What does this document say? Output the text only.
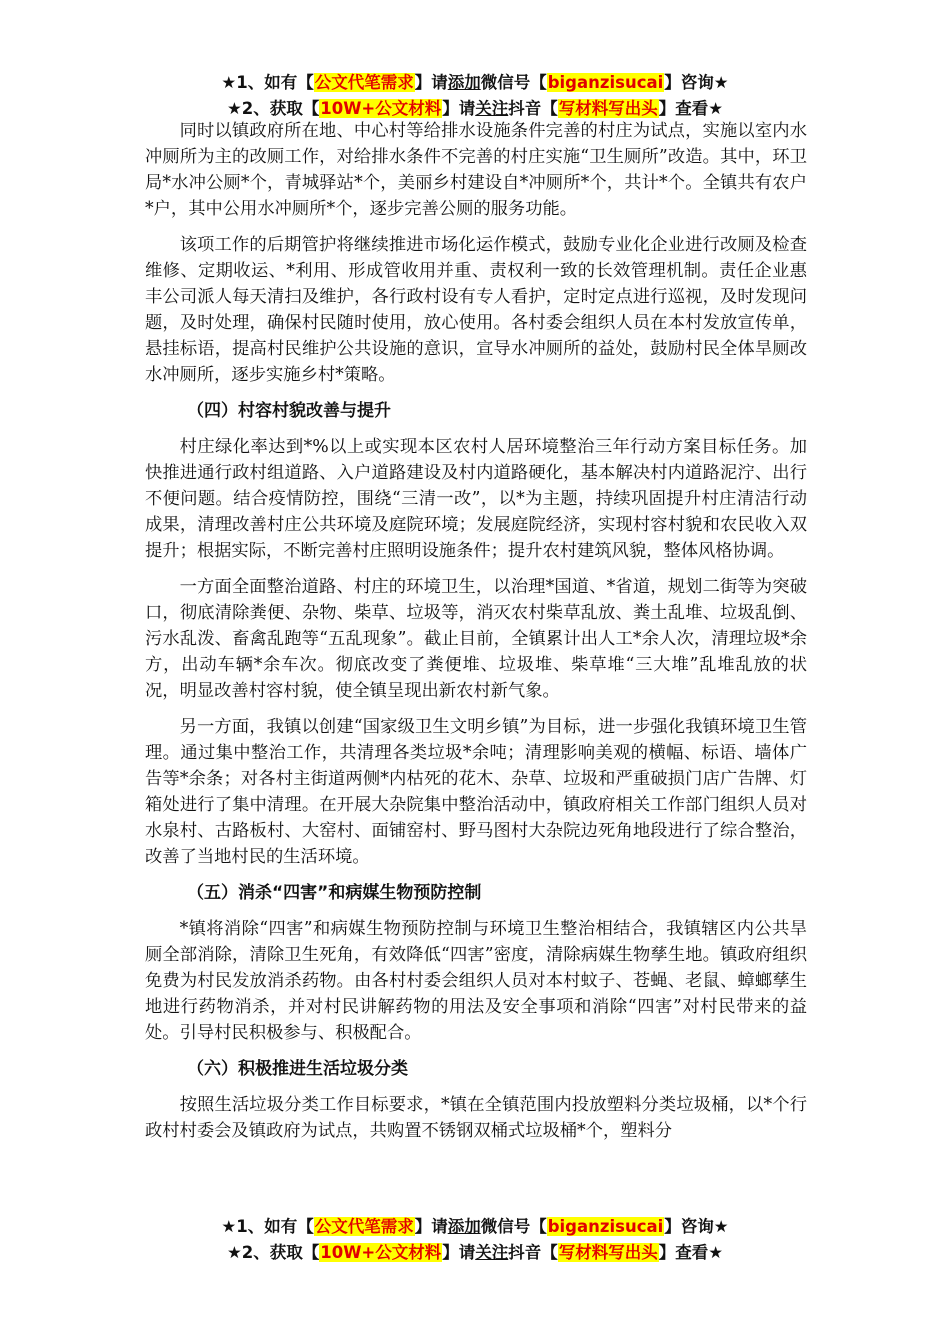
★1、如有【公文代笔需求】请添加微信号【biganzisucai】咨询★
★2、获取【10W+公文材料】请关注抖音【写材料写出头】查看★

同时以镇政府所在地、中心村等给排水设施条件完善的村庄为试点，实施以室内水冲厕所为主的改厕工作，对给排水条件不完善的村庄实施“卫生厕所”改造。其中，环卫局*水冲公厕*个，青城驿站*个，美丽乡村建设自*冲厕所*个，共计*个。全镇共有农户*户，其中公用水冲厕所*个，逐步完善公厕的服务功能。

该项工作的后期管护将继续推进市场化运作模式，鼓励专业化企业进行改厕及检查维修、定期收运、*利用、形成管收用并重、责权利一致的长效管理机制。责任企业惠丰公司派人每天清扫及维护，各行政村设有专人看护，定时定点进行巡视，及时发现问题，及时处理，确保村民随时使用，放心使用。各村委会组织人员在本村发放宣传单，悬挂标语，提高村民维护公共设施的意识，宣导水冲厕所的益处，鼓励村民全体旱厕改水冲厕所，逐步实施乡村*策略。

（四）村容村貌改善与提升

村庄绿化率达到*%以上或实现本区农村人居环境整治三年行动方案目标任务。加快推进通行政村组道路、入户道路建设及村内道路硬化，基本解决村内道路泥泞、出行不便问题。结合疫情防控，围绕“三清一改”，以*为主题，持续巩固提升村庄清洁行动成果，清理改善村庄公共环境及庭院环境；发展庭院经济，实现村容村貌和农民收入双提升；根据实际，不断完善村庄照明设施条件；提升农村建筑风貌，整体风格协调。

一方面全面整治道路、村庄的环境卫生，以治理*国道、*省道，规划二街等为突破口，彻底清除粪便、杂物、柴草、垃圾等，消灭农村柴草乱放、粪土乱堆、垃圾乱倒、污水乱泼、畜禽乱跑等“五乱现象”。截止目前，全镇累计出人工*余人次，清理垃圾*余方，出动车辆*余车次。彻底改变了粪便堆、垃圾堆、柴草堆“三大堆”乱堆乱放的状况，明显改善村容村貌，使全镇呈现出新农村新气象。

另一方面，我镇以创建“国家级卫生文明乡镇”为目标，进一步强化我镇环境卫生管理。通过集中整治工作，共清理各类垃圾*余吨；清理影响美观的横幅、标语、墙体广告等*余条；对各村主街道两侧*内枯死的花木、杂草、垃圾和严重破损门店广告牌、灯箱处进行了集中清理。在开展大杂院集中整治活动中，镇政府相关工作部门组织人员对水泉村、古路板村、大窑村、面铺窑村、野马图村大杂院边死角地段进行了综合整治，改善了当地村民的生活环境。

（五）消杀“四害”和病媒生物预防控制

*镇将消除“四害”和病媒生物预防控制与环境卫生整治相结合，我镇辖区内公共旱厕全部消除，清除卫生死角，有效降低“四害”密度，清除病媒生物孳生地。镇政府组织免费为村民发放消杀药物。由各村村委会组织人员对本村蚊子、苍蝇、老鼠、蟑螂孳生地进行药物消杀，并对村民讲解药物的用法及安全事项和消除“四害”对村民带来的益处。引导村民积极参与、积极配合。

（六）积极推进生活垃圾分类

按照生活垃圾分类工作目标要求，*镇在全镇范围内投放塑料分类垃圾桶，以*个行政村村委会及镇政府为试点，共购置不锈钢双桶式垃圾桶*个，塑料分

★1、如有【公文代笔需求】请添加微信号【biganzisucai】咨询★
★2、获取【10W+公文材料】请关注抖音【写材料写出头】查看★
